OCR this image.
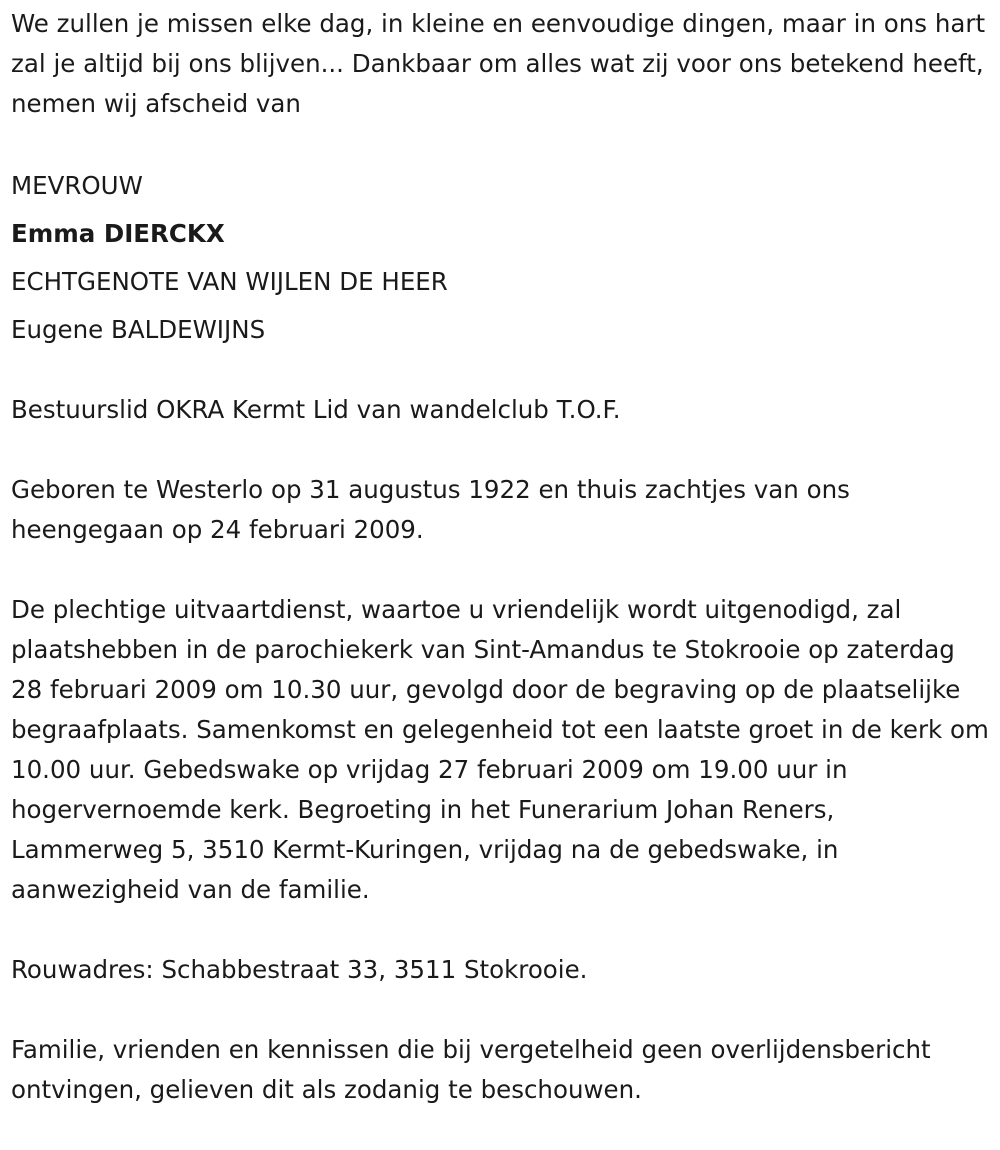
We zullen je missen elke dag, in kleine en eenvoudige dingen, maar in ons hart zal je altijd bij ons blijven... Dankbaar om alles wat zij voor ons betekend heeft, nemen wij afscheid van

MEVROUW
Emma DIERCKX
ECHTGENOTE VAN WIJLEN DE HEER
Eugene BALDEWIJNS

Bestuurslid OKRA Kermt Lid van wandelclub T.O.F.

Geboren te Westerlo op 31 augustus 1922 en thuis zachtjes van ons heengegaan op 24 februari 2009.

De plechtige uitvaartdienst, waartoe u vriendelijk wordt uitgenodigd, zal plaatshebben in de parochiekerk van Sint-Amandus te Stokrooie op zaterdag 28 februari 2009 om 10.30 uur, gevolgd door de begraving op de plaatselijke begraafplaats. Samenkomst en gelegenheid tot een laatste groet in de kerk om 10.00 uur. Gebedswake op vrijdag 27 februari 2009 om 19.00 uur in hogervernoemde kerk. Begroeting in het Funerarium Johan Reners, Lammerweg 5, 3510 Kermt-Kuringen, vrijdag na de gebedswake, in aanwezigheid van de familie.

Rouwadres: Schabbestraat 33, 3511 Stokrooie.

Familie, vrienden en kennissen die bij vergetelheid geen overlijdensbericht ontvingen, gelieven dit als zodanig te beschouwen.
